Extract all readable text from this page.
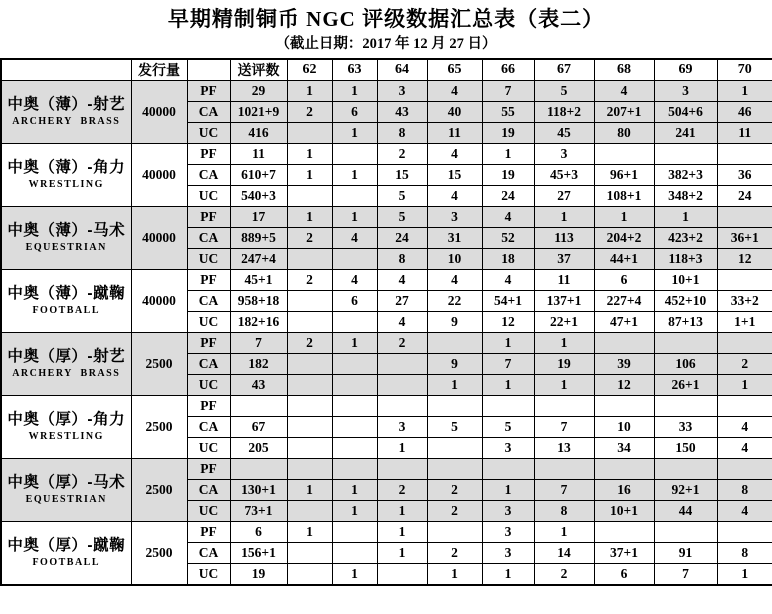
早期精制铜币 NGC 评级数据汇总表（表二）
（截止日期：2017 年 12 月 27 日）
	发行量		送评数	62	63	64	65	66	67	68	69	70

中奥（薄）-射艺
ARCHERY  BRASS	40000	PF	29	1	1	3	4	7	5	4	3	1
		CA	1021+9	2	6	43	40	55	118+2	207+1	504+6	46
		UC	416		1	8	11	19	45	80	241	11

中奥（薄）-角力
WRESTLING	40000	PF	11	1		2	4	1	3			
		CA	610+7	1	1	15	15	19	45+3	96+1	382+3	36
		UC	540+3			5	4	24	27	108+1	348+2	24

中奥（薄）-马术
EQUESTRIAN	40000	PF	17	1	1	5	3	4	1	1	1	
		CA	889+5	2	4	24	31	52	113	204+2	423+2	36+1
		UC	247+4			8	10	18	37	44+1	118+3	12

中奥（薄）-蹴鞠
FOOTBALL	40000	PF	45+1	2	4	4	4	4	11	6	10+1	
		CA	958+18		6	27	22	54+1	137+1	227+4	452+10	33+2
		UC	182+16			4	9	12	22+1	47+1	87+13	1+1

中奥（厚）-射艺
ARCHERY  BRASS	2500	PF	7	2	1	2		1	1			
		CA	182				9	7	19	39	106	2
		UC	43				1	1	1	12	26+1	1

中奥（厚）-角力
WRESTLING	2500	PF										
		CA	67			3	5	5	7	10	33	4
		UC	205			1		3	13	34	150	4

中奥（厚）-马术
EQUESTRIAN	2500	PF										
		CA	130+1	1	1	2	2	1	7	16	92+1	8
		UC	73+1		1	1	2	3	8	10+1	44	4

中奥（厚）-蹴鞠
FOOTBALL	2500	PF	6	1		1		3	1			
		CA	156+1			1	2	3	14	37+1	91	8
		UC	19		1		1	1	2	6	7	1
